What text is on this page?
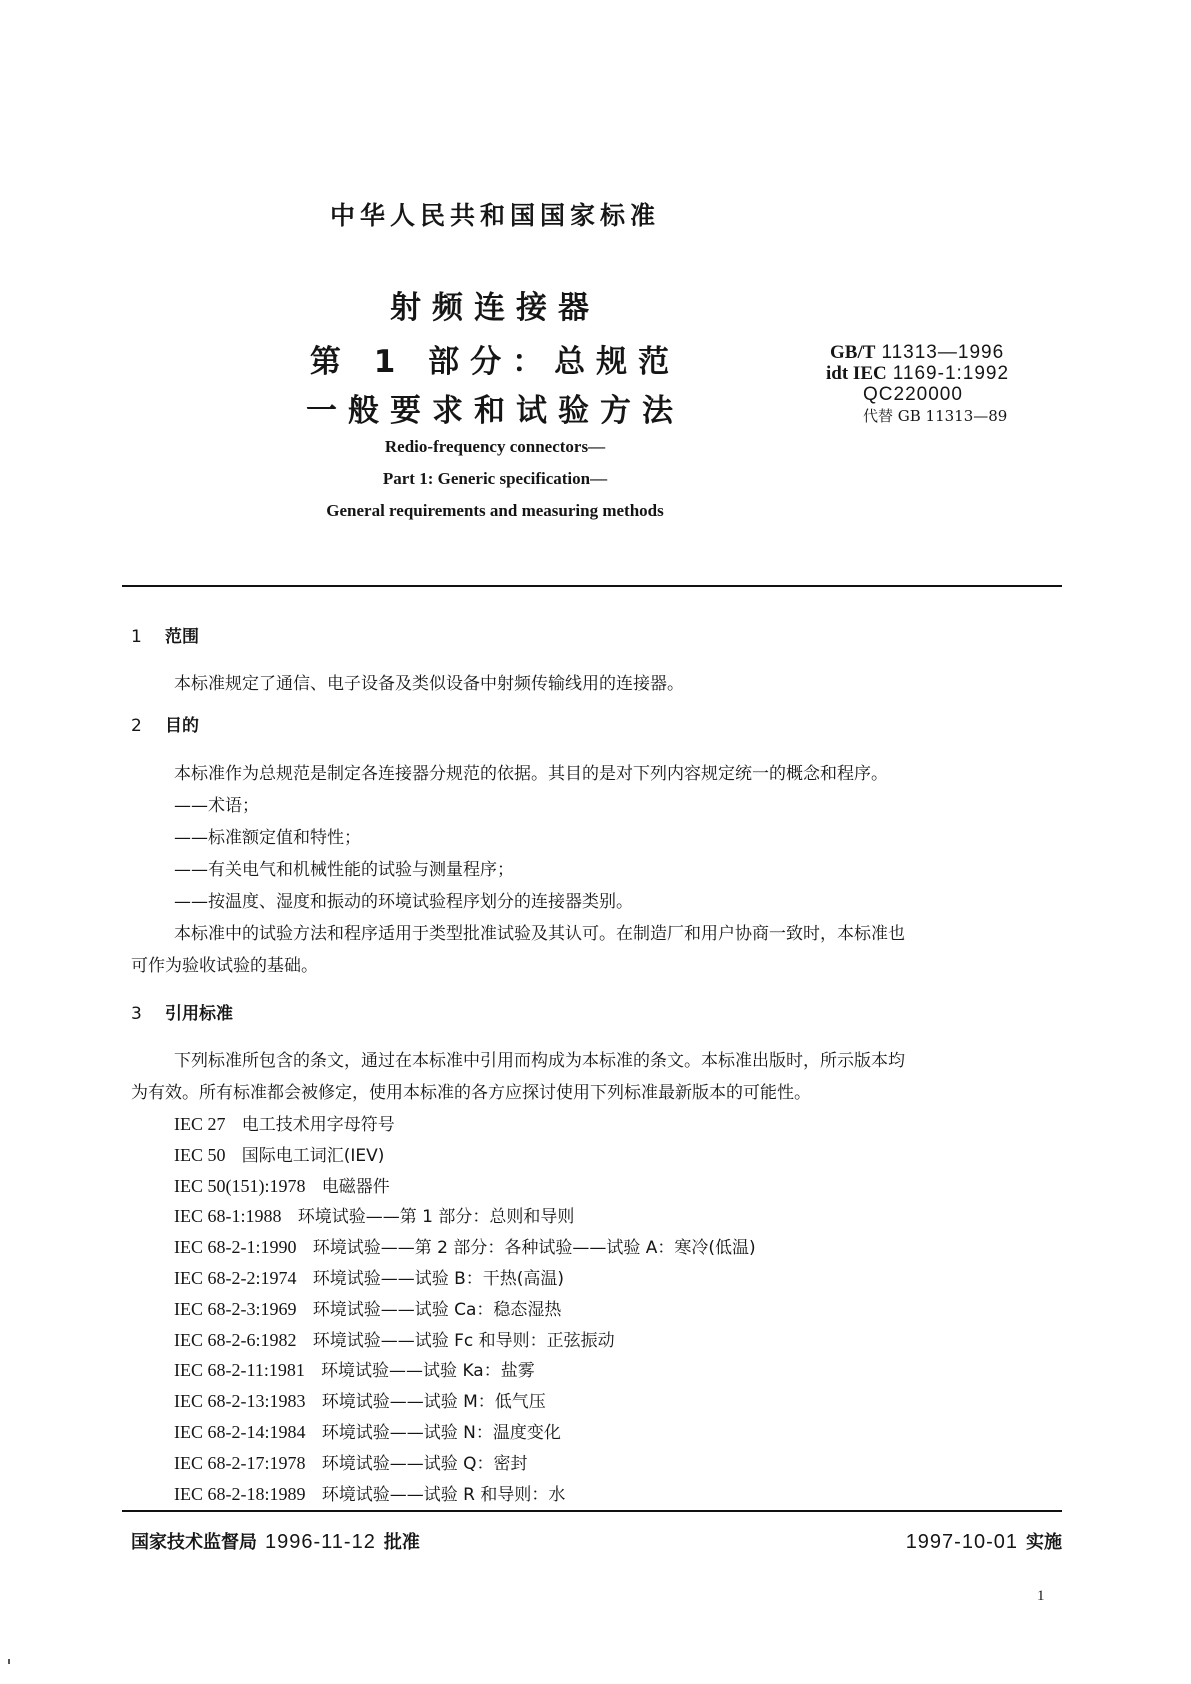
中华人民共和国国家标准
射频连接器
第 1 部分：总规范
一般要求和试验方法
GB/T 11313—1996
idt IEC 1169-1:1992
QC220000
代替 GB 11313—89
Redio-frequency connectors—
Part 1: Generic specification—
General requirements and measuring methods
1 范围
本标准规定了通信、电子设备及类似设备中射频传输线用的连接器。
2 目的
本标准作为总规范是制定各连接器分规范的依据。其目的是对下列内容规定统一的概念和程序。
——术语；
——标准额定值和特性；
——有关电气和机械性能的试验与测量程序；
——按温度、湿度和振动的环境试验程序划分的连接器类别。
本标准中的试验方法和程序适用于类型批准试验及其认可。在制造厂和用户协商一致时，本标准也
可作为验收试验的基础。
3 引用标准
下列标准所包含的条文，通过在本标准中引用而构成为本标准的条文。本标准出版时，所示版本均
为有效。所有标准都会被修定，使用本标准的各方应探讨使用下列标准最新版本的可能性。
IEC 27 电工技术用字母符号
IEC 50 国际电工词汇(IEV)
IEC 50(151):1978 电磁器件
IEC 68-1:1988 环境试验——第 1 部分：总则和导则
IEC 68-2-1:1990 环境试验——第 2 部分：各种试验——试验 A：寒冷(低温)
IEC 68-2-2:1974 环境试验——试验 B：干热(高温)
IEC 68-2-3:1969 环境试验——试验 Ca：稳态湿热
IEC 68-2-6:1982 环境试验——试验 Fc 和导则：正弦振动
IEC 68-2-11:1981 环境试验——试验 Ka：盐雾
IEC 68-2-13:1983 环境试验——试验 M：低气压
IEC 68-2-14:1984 环境试验——试验 N：温度变化
IEC 68-2-17:1978 环境试验——试验 Q：密封
国家技术监督局 1996-11-12 批准	1997-10-01 实施
1
IEC 68-2-18:1989 环境试验——试验 R 和导则：水
